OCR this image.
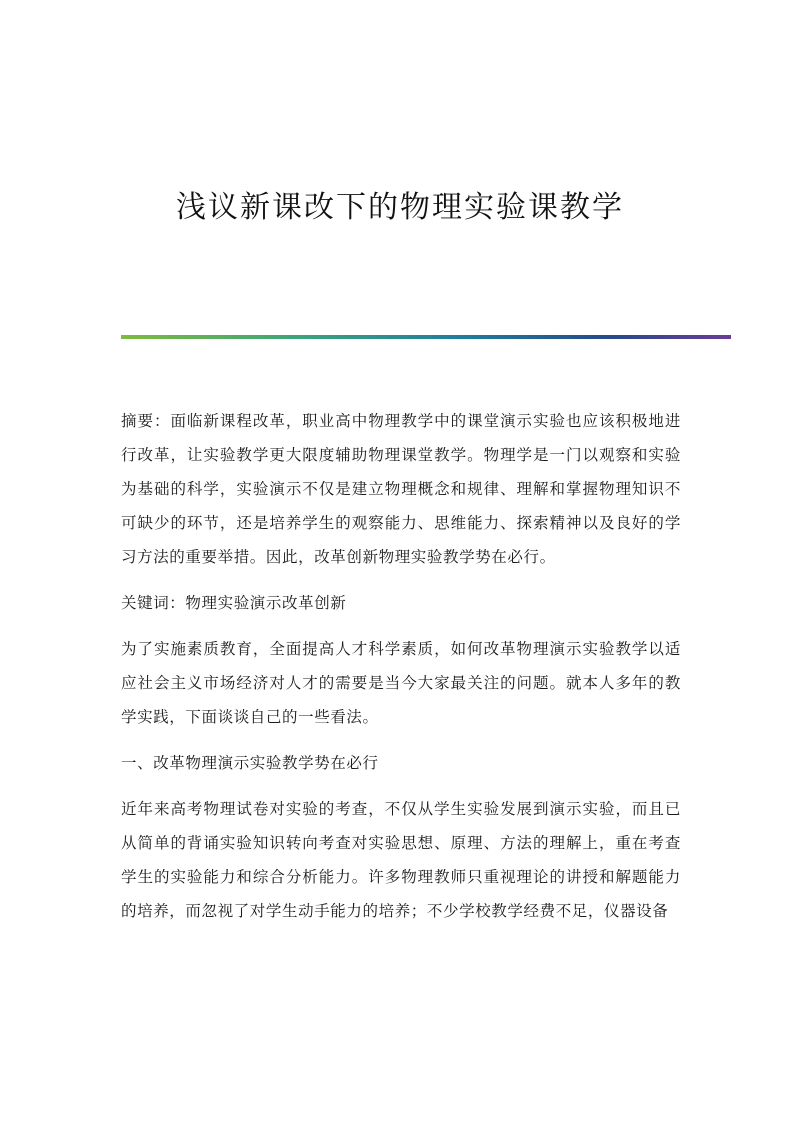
浅议新课改下的物理实验课教学

摘要：面临新课程改革，职业高中物理教学中的课堂演示实验也应该积极地进行改革，让实验教学更大限度辅助物理课堂教学。物理学是一门以观察和实验为基础的科学，实验演示不仅是建立物理概念和规律、理解和掌握物理知识不可缺少的环节，还是培养学生的观察能力、思维能力、探索精神以及良好的学习方法的重要举措。因此，改革创新物理实验教学势在必行。

关键词：物理实验演示改革创新

为了实施素质教育，全面提高人才科学素质，如何改革物理演示实验教学以适应社会主义市场经济对人才的需要是当今大家最关注的问题。就本人多年的教学实践，下面谈谈自己的一些看法。

一、改革物理演示实验教学势在必行

近年来高考物理试卷对实验的考查，不仅从学生实验发展到演示实验，而且已从简单的背诵实验知识转向考查对实验思想、原理、方法的理解上，重在考查学生的实验能力和综合分析能力。许多物理教师只重视理论的讲授和解题能力的培养，而忽视了对学生动手能力的培养；不少学校教学经费不足，仪器设备
